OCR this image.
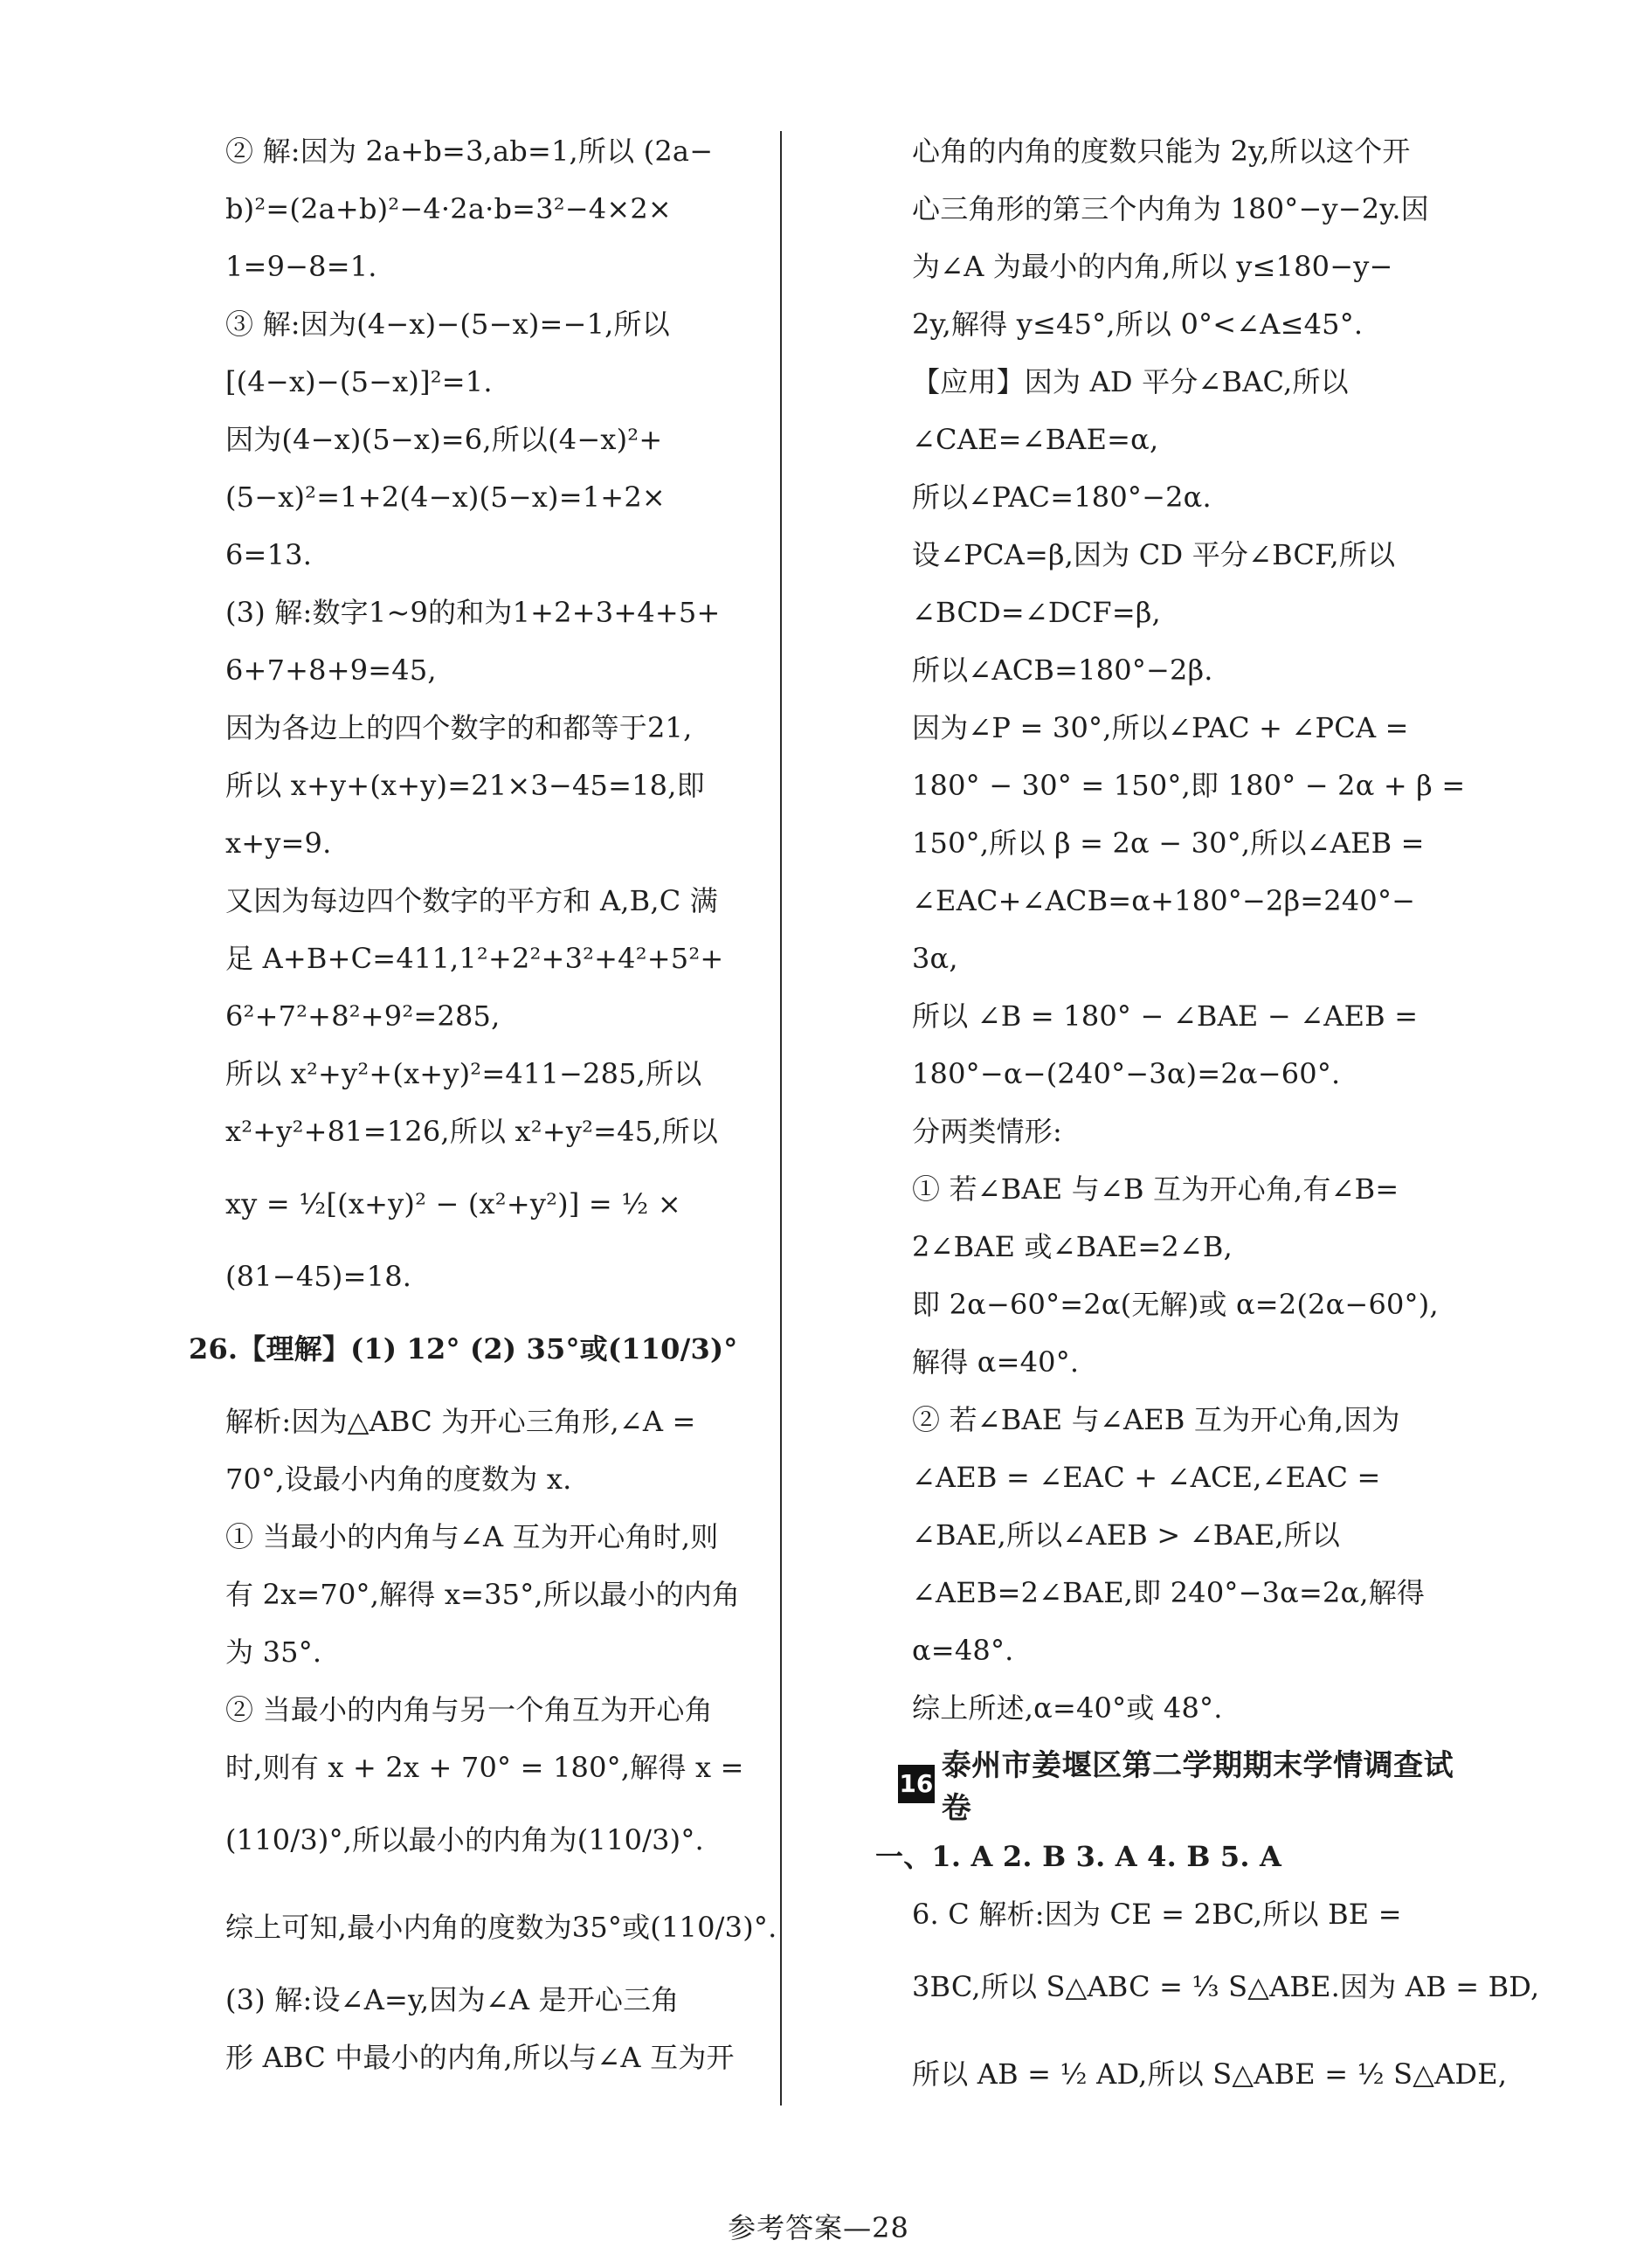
② 解:因为 2a+b=3,ab=1,所以 (2a−
b)²=(2a+b)²−4·2a·b=3²−4×2×
1=9−8=1.
③ 解:因为(4−x)−(5−x)=−1,所以
[(4−x)−(5−x)]²=1.
因为(4−x)(5−x)=6,所以(4−x)²+
(5−x)²=1+2(4−x)(5−x)=1+2×
6=13.
(3) 解:数字1~9的和为1+2+3+4+5+
6+7+8+9=45,
因为各边上的四个数字的和都等于21,
所以 x+y+(x+y)=21×3−45=18,即
x+y=9.
又因为每边四个数字的平方和 A,B,C 满
足 A+B+C=411,1²+2²+3²+4²+5²+
6²+7²+8²+9²=285,
所以 x²+y²+(x+y)²=411−285,所以
x²+y²+81=126,所以 x²+y²=45,所以
xy = ½[(x+y)² − (x²+y²)] = ½ ×
(81−45)=18.
26.【理解】(1) 12° (2) 35°或(110/3)°
解析:因为△ABC 为开心三角形,∠A =
70°,设最小内角的度数为 x.
① 当最小的内角与∠A 互为开心角时,则
有 2x=70°,解得 x=35°,所以最小的内角
为 35°.
② 当最小的内角与另一个角互为开心角
时,则有 x + 2x + 70° = 180°,解得 x =
(110/3)°,所以最小的内角为(110/3)°.
综上可知,最小内角的度数为35°或(110/3)°.
(3) 解:设∠A=y,因为∠A 是开心三角
形 ABC 中最小的内角,所以与∠A 互为开
心角的内角的度数只能为 2y,所以这个开
心三角形的第三个内角为 180°−y−2y.因
为∠A 为最小的内角,所以 y≤180−y−
2y,解得 y≤45°,所以 0°<∠A≤45°.
【应用】因为 AD 平分∠BAC,所以
∠CAE=∠BAE=α,
所以∠PAC=180°−2α.
设∠PCA=β,因为 CD 平分∠BCF,所以
∠BCD=∠DCF=β,
所以∠ACB=180°−2β.
因为∠P = 30°,所以∠PAC + ∠PCA =
180° − 30° = 150°,即 180° − 2α + β =
150°,所以 β = 2α − 30°,所以∠AEB =
∠EAC+∠ACB=α+180°−2β=240°−
3α,
所以 ∠B = 180° − ∠BAE − ∠AEB =
180°−α−(240°−3α)=2α−60°.
分两类情形:
① 若∠BAE 与∠B 互为开心角,有∠B=
2∠BAE 或∠BAE=2∠B,
即 2α−60°=2α(无解)或 α=2(2α−60°),
解得 α=40°.
② 若∠BAE 与∠AEB 互为开心角,因为
∠AEB = ∠EAC + ∠ACE,∠EAC =
∠BAE,所以∠AEB > ∠BAE,所以
∠AEB=2∠BAE,即 240°−3α=2α,解得
α=48°.
综上所述,α=40°或 48°.
16
泰州市姜堰区第二学期期末学情调查试卷
一、1. A 2. B 3. A 4. B 5. A
6. C 解析:因为 CE = 2BC,所以 BE =
3BC,所以 S△ABC = ⅓ S△ABE.因为 AB = BD,
所以 AB = ½ AD,所以 S△ABE = ½ S△ADE,
参考答案—28
